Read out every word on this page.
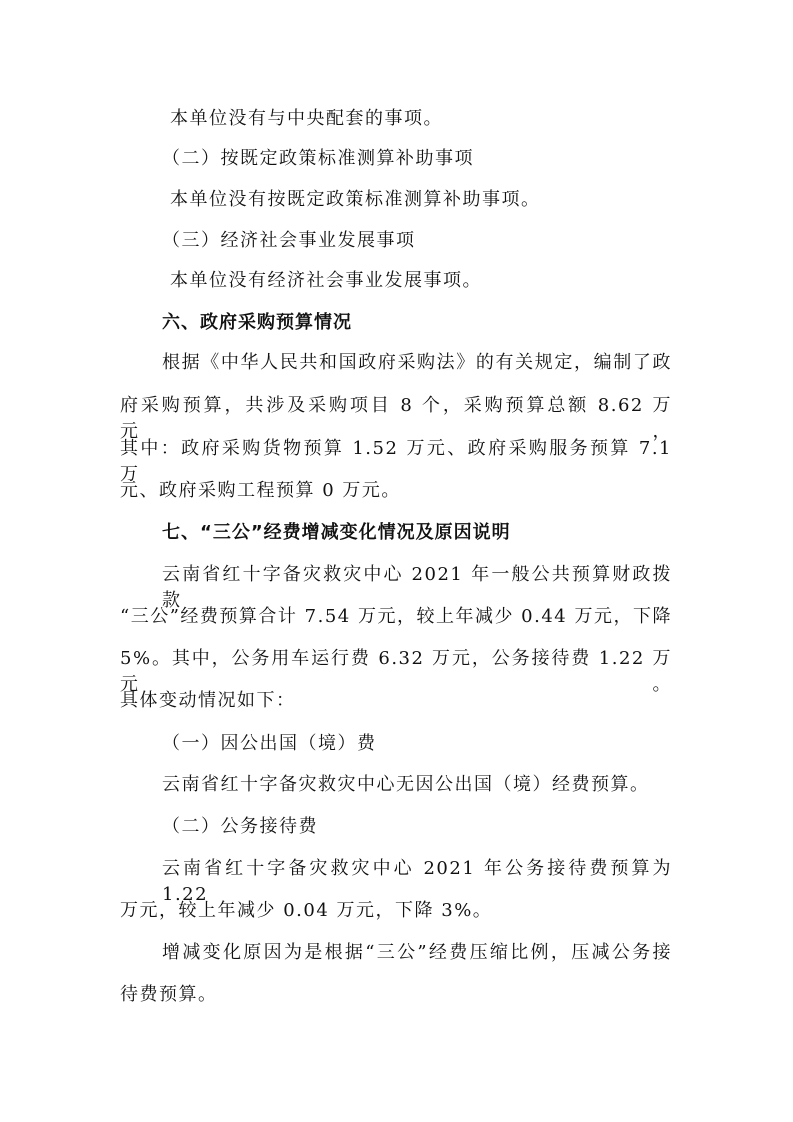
本单位没有与中央配套的事项。
（二）按既定政策标准测算补助事项
本单位没有按既定政策标准测算补助事项。
（三）经济社会事业发展事项
本单位没有经济社会事业发展事项。
六、政府采购预算情况
根据《中华人民共和国政府采购法》的有关规定，编制了政
府采购预算，共涉及采购项目 8 个，采购预算总额 8.62 万元，
其中：政府采购货物预算 1.52 万元、政府采购服务预算 7.1 万
元、政府采购工程预算 0 万元。
七、“三公”经费增减变化情况及原因说明
云南省红十字备灾救灾中心 2021 年一般公共预算财政拨款
“三公”经费预算合计 7.54 万元，较上年减少 0.44 万元，下降
5%。其中，公务用车运行费 6.32 万元，公务接待费 1.22 万元。
具体变动情况如下：
（一）因公出国（境）费
云南省红十字备灾救灾中心无因公出国（境）经费预算。
（二）公务接待费
云南省红十字备灾救灾中心 2021 年公务接待费预算为 1.22
万元，较上年减少 0.04 万元，下降 3%。
增减变化原因为是根据“三公”经费压缩比例，压减公务接
待费预算。
